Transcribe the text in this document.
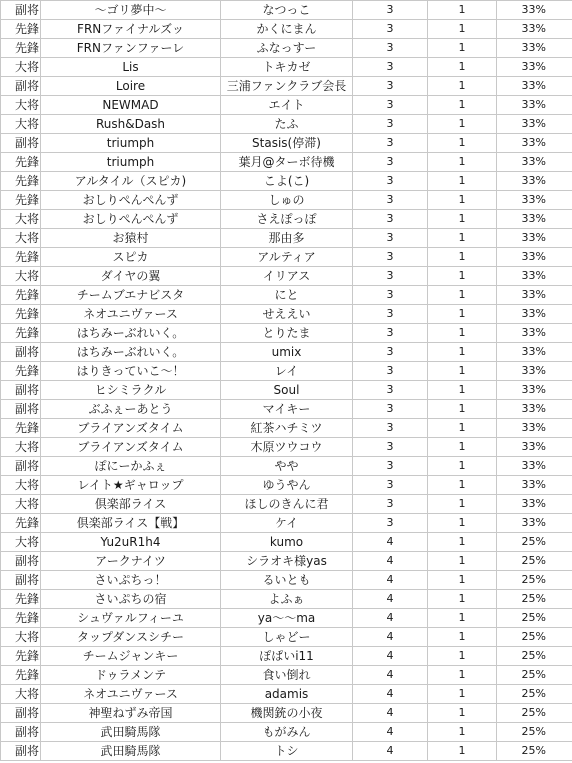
副将	～ゴリ夢中～	なつっこ	3	1	33%
先鋒	FRNファイナルズッ	かくにまん	3	1	33%
先鋒	FRNファンファーレ	ふなっすー	3	1	33%
大将	Lis	トキカゼ	3	1	33%
副将	Loire	三浦ファンクラブ会長	3	1	33%
大将	NEWMAD	エイト	3	1	33%
大将	Rush&Dash	たふ	3	1	33%
副将	triumph	Stasis(停滞)	3	1	33%
先鋒	triumph	葉月@ターボ待機	3	1	33%
先鋒	アルタイル（スピカ)	こよ(こ)	3	1	33%
先鋒	おしりぺんぺんず	しゅの	3	1	33%
大将	おしりぺんぺんず	さえぽっぽ	3	1	33%
大将	お猿村	那由多	3	1	33%
先鋒	スピカ	アルティア	3	1	33%
大将	ダイヤの翼	イリアス	3	1	33%
先鋒	チームブエナビスタ	にと	3	1	33%
先鋒	ネオユニヴァース	せええい	3	1	33%
先鋒	はちみーぶれいく。	とりたま	3	1	33%
副将	はちみーぶれいく。	umix	3	1	33%
先鋒	はりきっていこ～！	レイ	3	1	33%
副将	ヒシミラクル	Soul	3	1	33%
副将	ぶふぇーあとう	マイキー	3	1	33%
先鋒	ブライアンズタイム	紅茶ハチミツ	3	1	33%
大将	ブライアンズタイム	木原ツウコウ	3	1	33%
副将	ぽにーかふぇ	やや	3	1	33%
大将	レイト★ギャロップ	ゆうやん	3	1	33%
大将	倶楽部ライス	ほしのきんに君	3	1	33%
先鋒	倶楽部ライス【戦】	ケイ	3	1	33%
大将	Yu2uR1h4	kumo	4	1	25%
副将	アークナイツ	シラオキ様yas	4	1	25%
副将	さいぷちっ！	るいとも	4	1	25%
先鋒	さいぷちの宿	よふぁ	4	1	25%
先鋒	シュヴァルフィーユ	ya～～ma	4	1	25%
大将	タップダンスシチー	しゃどー	4	1	25%
先鋒	チームジャンキー	ぽぱいi11	4	1	25%
先鋒	ドゥラメンテ	食い倒れ	4	1	25%
大将	ネオユニヴァース	adamis	4	1	25%
副将	神聖ねずみ帝国	機関銃の小夜	4	1	25%
副将	武田騎馬隊	もがみん	4	1	25%
副将	武田騎馬隊	トシ	4	1	25%
